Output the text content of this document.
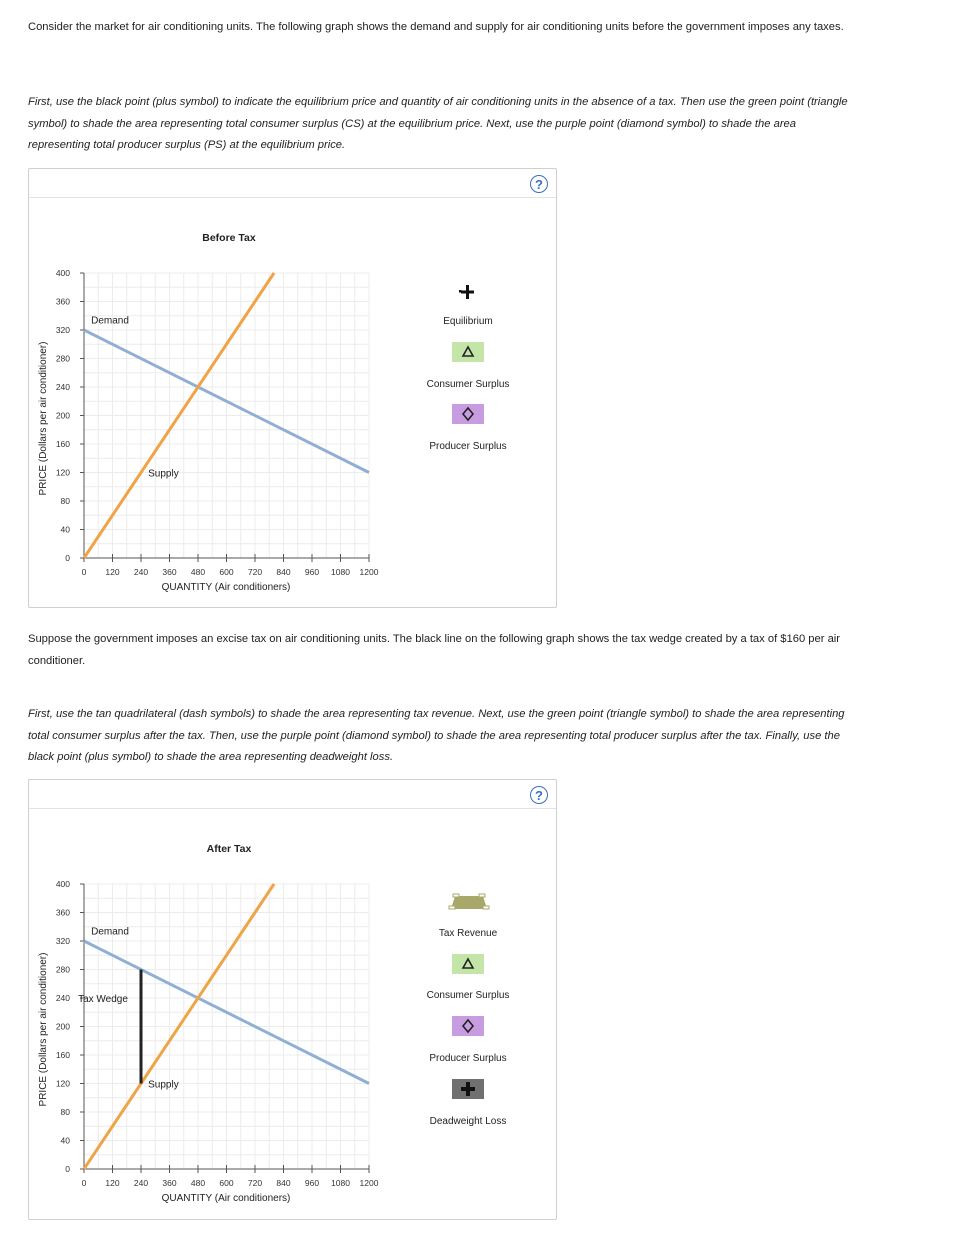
Consider the market for air conditioning units. The following graph shows the demand and supply for air conditioning units before the government imposes any taxes.

First, use the black point (plus symbol) to indicate the equilibrium price and quantity of air conditioning units in the absence of a tax. Then use the green point (triangle symbol) to shade the area representing total consumer surplus (CS) at the equilibrium price. Next, use the purple point (diamond symbol) to shade the area representing total producer surplus (PS) at the equilibrium price.

?
0
40
80
120
160
200
240
280
320
360
400
0 120 240 360 480 600 720 840 960 1080 1200
Before Tax
QUANTITY (Air conditioners)
PRICE (Dollars per air conditioner)
Demand
Supply
Equilibrium
Consumer Surplus
Producer Surplus

Suppose the government imposes an excise tax on air conditioning units. The black line on the following graph shows the tax wedge created by a tax of $160 per air conditioner.

First, use the tan quadrilateral (dash symbols) to shade the area representing tax revenue. Next, use the green point (triangle symbol) to shade the area representing total consumer surplus after the tax. Then, use the purple point (diamond symbol) to shade the area representing total producer surplus after the tax. Finally, use the black point (plus symbol) to shade the area representing deadweight loss.

?
0
40
80
120
160
200
240
280
320
360
400
0 120 240 360 480 600 720 840 960 1080 1200
After Tax
QUANTITY (Air conditioners)
PRICE (Dollars per air conditioner)
Demand
Supply
Tax Wedge
Tax Revenue
Consumer Surplus
Producer Surplus
Deadweight Loss
